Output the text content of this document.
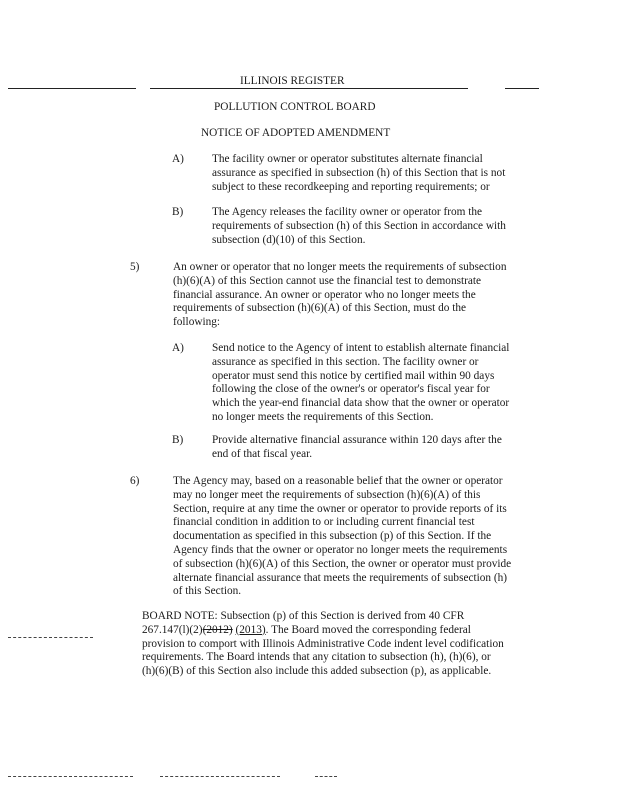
ILLINOIS REGISTER
POLLUTION CONTROL BOARD
NOTICE OF ADOPTED AMENDMENT
A) The facility owner or operator substitutes alternate financial
assurance as specified in subsection (h) of this Section that is not
subject to these recordkeeping and reporting requirements; or
B)	The Agency releases the facility owner or operator from the
requirements of subsection (h) of this Section in accordance with
subsection (d)(10) of this Section.
5)	An owner or operator that no longer meets the requirements of subsection
(h)(6)(A) of this Section cannot use the financial test to demonstrate
financial assurance. An owner or operator who no longer meets the
requirements of subsection (h)(6)(A) of this Section, must do the
following:
A) Send notice to the Agency of intent to establish alternate financial
assurance as specified in this section. The facility owner or
operator must send this notice by certified mail within 90 days
following the close of the owner's or operator's fiscal year for
which the year-end financial data show that the owner or operator
no longer meets the requirements of this Section.
B)	Provide alternative financial assurance within 120 days after the
end of that fiscal year.
6)	The Agency may, based on a reasonable belief that the owner or operator
may no longer meet the requirements of subsection (h)(6)(A) of this
Section, require at any time the owner or operator to provide reports of its
financial condition in addition to or including current financial test
documentation as specified in this subsection (p) of this Section. If the
Agency finds that the owner or operator no longer meets the requirements
of subsection (h)(6)(A) of this Section, the owner or operator must provide
alternate financial assurance that meets the requirements of subsection (h)
of this Section.
BOARD NOTE: Subsection (p) of this Section is derived from 40 CFR
267.147(l)(2)(2012) (2013). The Board moved the corresponding federal
provision to comport with Illinois Administrative Code indent level codification
requirements. The Board intends that any citation to subsection (h), (h)(6), or
(h)(6)(B) of this Section also include this added subsection (p), as applicable.
